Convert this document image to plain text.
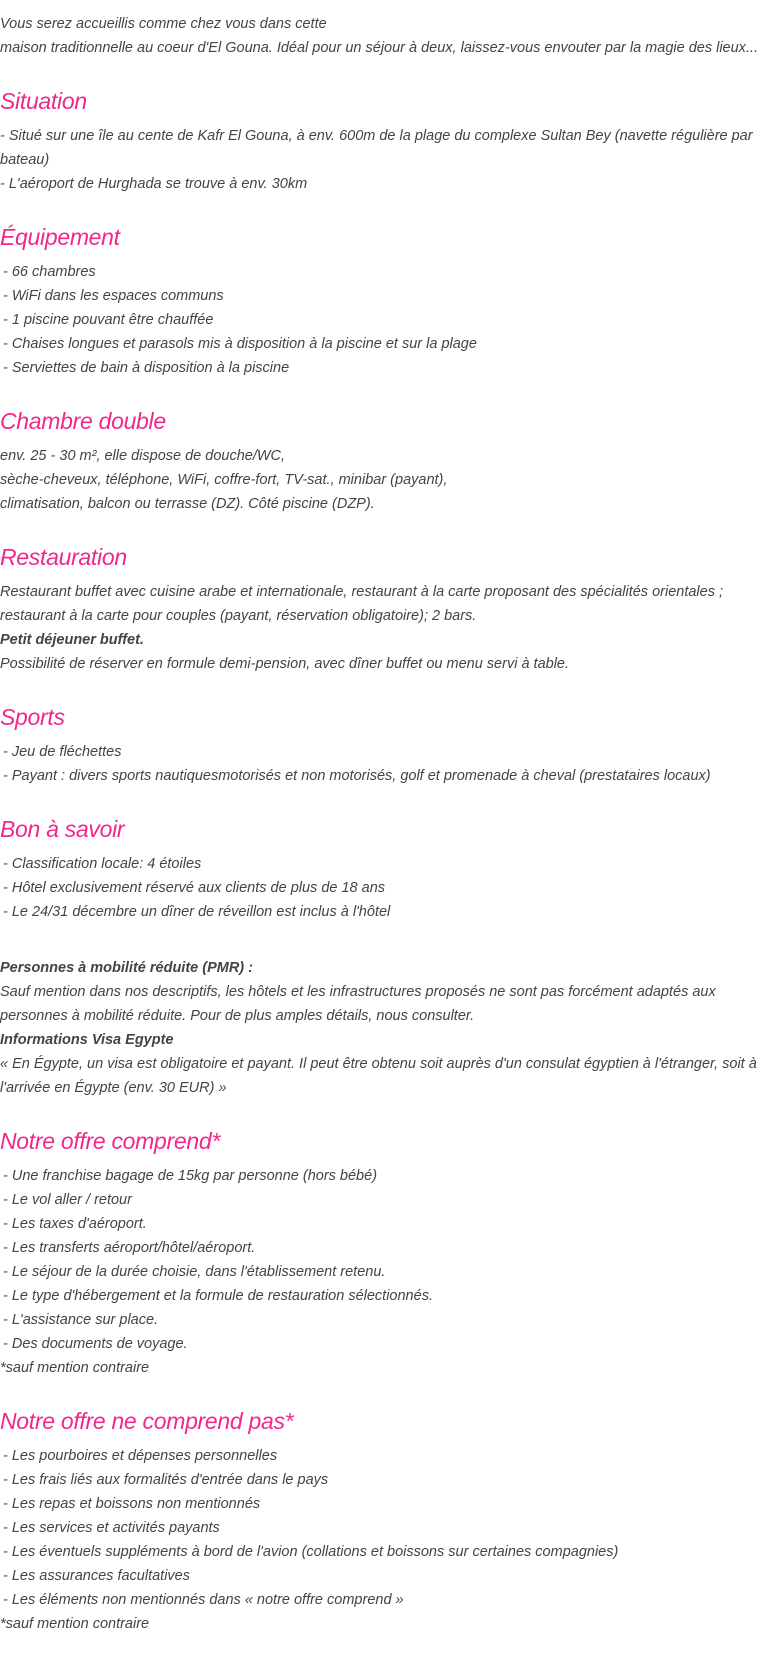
Vous serez accueillis comme chez vous dans cette
maison traditionnelle au coeur d'El Gouna. Idéal pour un séjour à deux, laissez-vous envouter par la magie des lieux...

Situation
- Situé sur une île au cente de Kafr El Gouna, à env. 600m de la plage du complexe Sultan Bey (navette régulière par bateau)
- L'aéroport de Hurghada se trouve à env. 30km
Équipement
- 66 chambres
- WiFi dans les espaces communs
- 1 piscine pouvant être chauffée
- Chaises longues et parasols mis à disposition à la piscine et sur la plage
- Serviettes de bain à disposition à la piscine
Chambre double

env. 25 - 30 m², elle dispose de douche/WC,
sèche-cheveux, téléphone, WiFi, coffre-fort, TV-sat., minibar (payant),
climatisation, balcon ou terrasse (DZ). Côté piscine (DZP).

Restauration

Restaurant buffet avec cuisine arabe et internationale, restaurant à la carte proposant des spécialités orientales ; restaurant à la carte pour couples (payant, réservation obligatoire); 2 bars.
Petit déjeuner buffet.
Possibilité de réserver en formule demi-pension, avec dîner buffet ou menu servi à table.

Sports
- Jeu de fléchettes
- Payant : divers sports nautiquesmotorisés et non motorisés, golf et promenade à cheval (prestataires locaux)
Bon à savoir
- Classification locale: 4 étoiles
- Hôtel exclusivement réservé aux clients de plus de 18 ans
- Le 24/31 décembre un dîner de réveillon est inclus à l'hôtel

Personnes à mobilité réduite (PMR) :
Sauf mention dans nos descriptifs, les hôtels et les infrastructures proposés ne sont pas forcément adaptés aux personnes à mobilité réduite. Pour de plus amples détails, nous consulter.
Informations Visa Egypte
« En Égypte, un visa est obligatoire et payant. Il peut être obtenu soit auprès d'un consulat égyptien à l'étranger, soit à l'arrivée en Égypte (env. 30 EUR) »

Notre offre comprend*
- Une franchise bagage de 15kg par personne (hors bébé)
- Le vol aller / retour
- Les taxes d'aéroport.
- Les transferts aéroport/hôtel/aéroport.
- Le séjour de la durée choisie, dans l'établissement retenu.
- Le type d'hébergement et la formule de restauration sélectionnés.
- L'assistance sur place.
- Des documents de voyage.

*sauf mention contraire

Notre offre ne comprend pas*
- Les pourboires et dépenses personnelles
- Les frais liés aux formalités d'entrée dans le pays
- Les repas et boissons non mentionnés
- Les services et activités payants
- Les éventuels suppléments à bord de l'avion (collations et boissons sur certaines compagnies)
- Les assurances facultatives
- Les éléments non mentionnés dans « notre offre comprend »

*sauf mention contraire
